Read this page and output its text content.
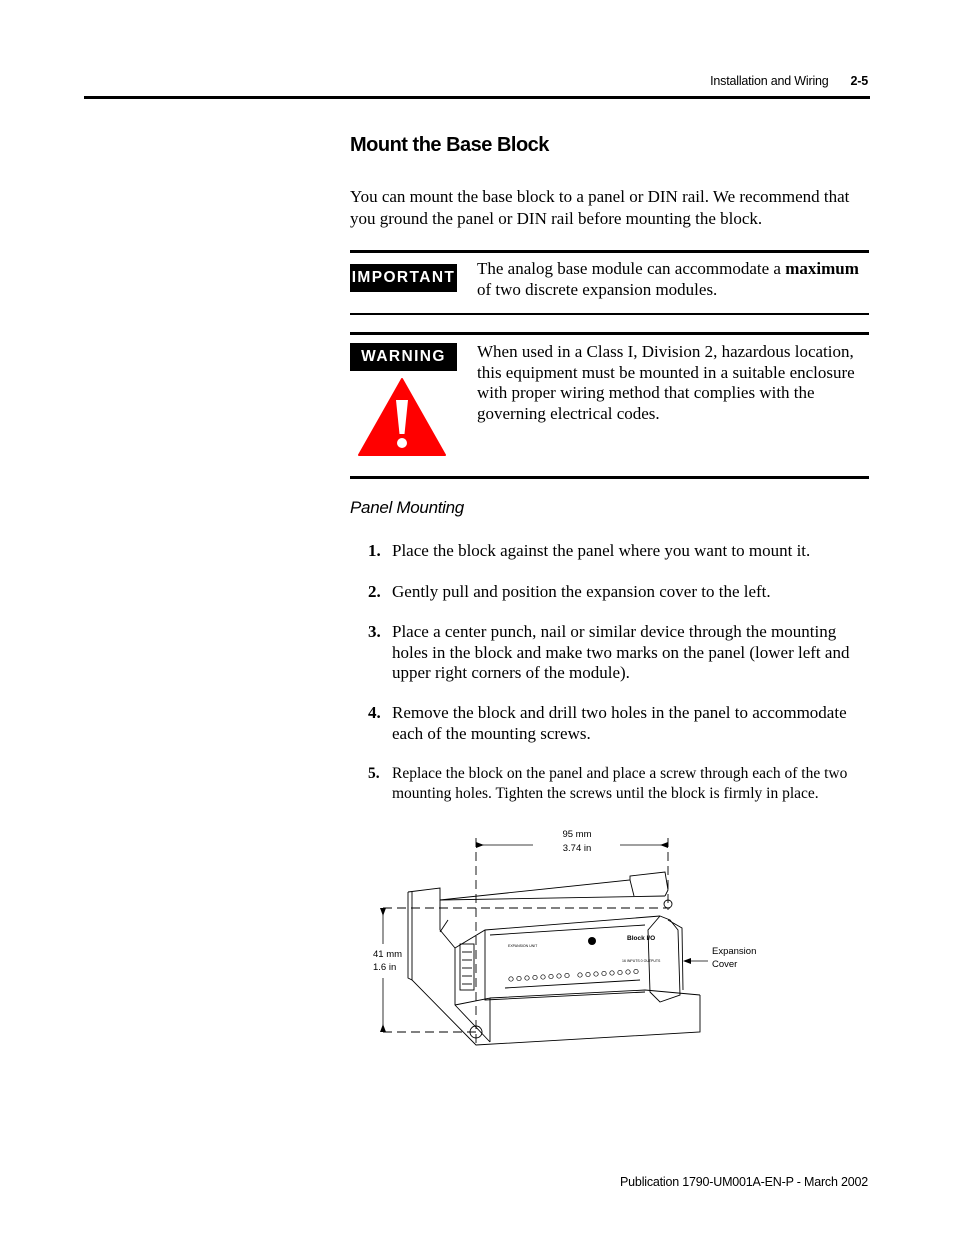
Installation and Wiring 2-5
Mount the Base Block
You can mount the base block to a panel or DIN rail. We recommend that you ground the panel or DIN rail before mounting the block.
IMPORTANT The analog base module can accommodate a maximum of two discrete expansion modules.
WARNING	When used in a Class I, Division 2, hazardous location, this equipment must be mounted in a suitable enclosure with proper wiring method that complies with the governing electrical codes.
Panel Mounting
1. Place the block against the panel where you want to mount it.
2. Gently pull and position the expansion cover to the left.
3. Place a center punch, nail or similar device through the mounting holes in the block and make two marks on the panel (lower left and upper right corners of the module).
4. Remove the block and drill two holes in the panel to accommodate each of the mounting screws.
5. Replace the block on the panel and place a screw through each of the two mounting holes. Tighten the screws until the block is firmly in place.
95 mm
3.74 in
41 mm
1.6 in
Block I/O
EXPANSION UNIT
16 INPUTS 0 OUTPUTS
Expansion
Cover
Publication 1790-UM001A-EN-P - March 2002
